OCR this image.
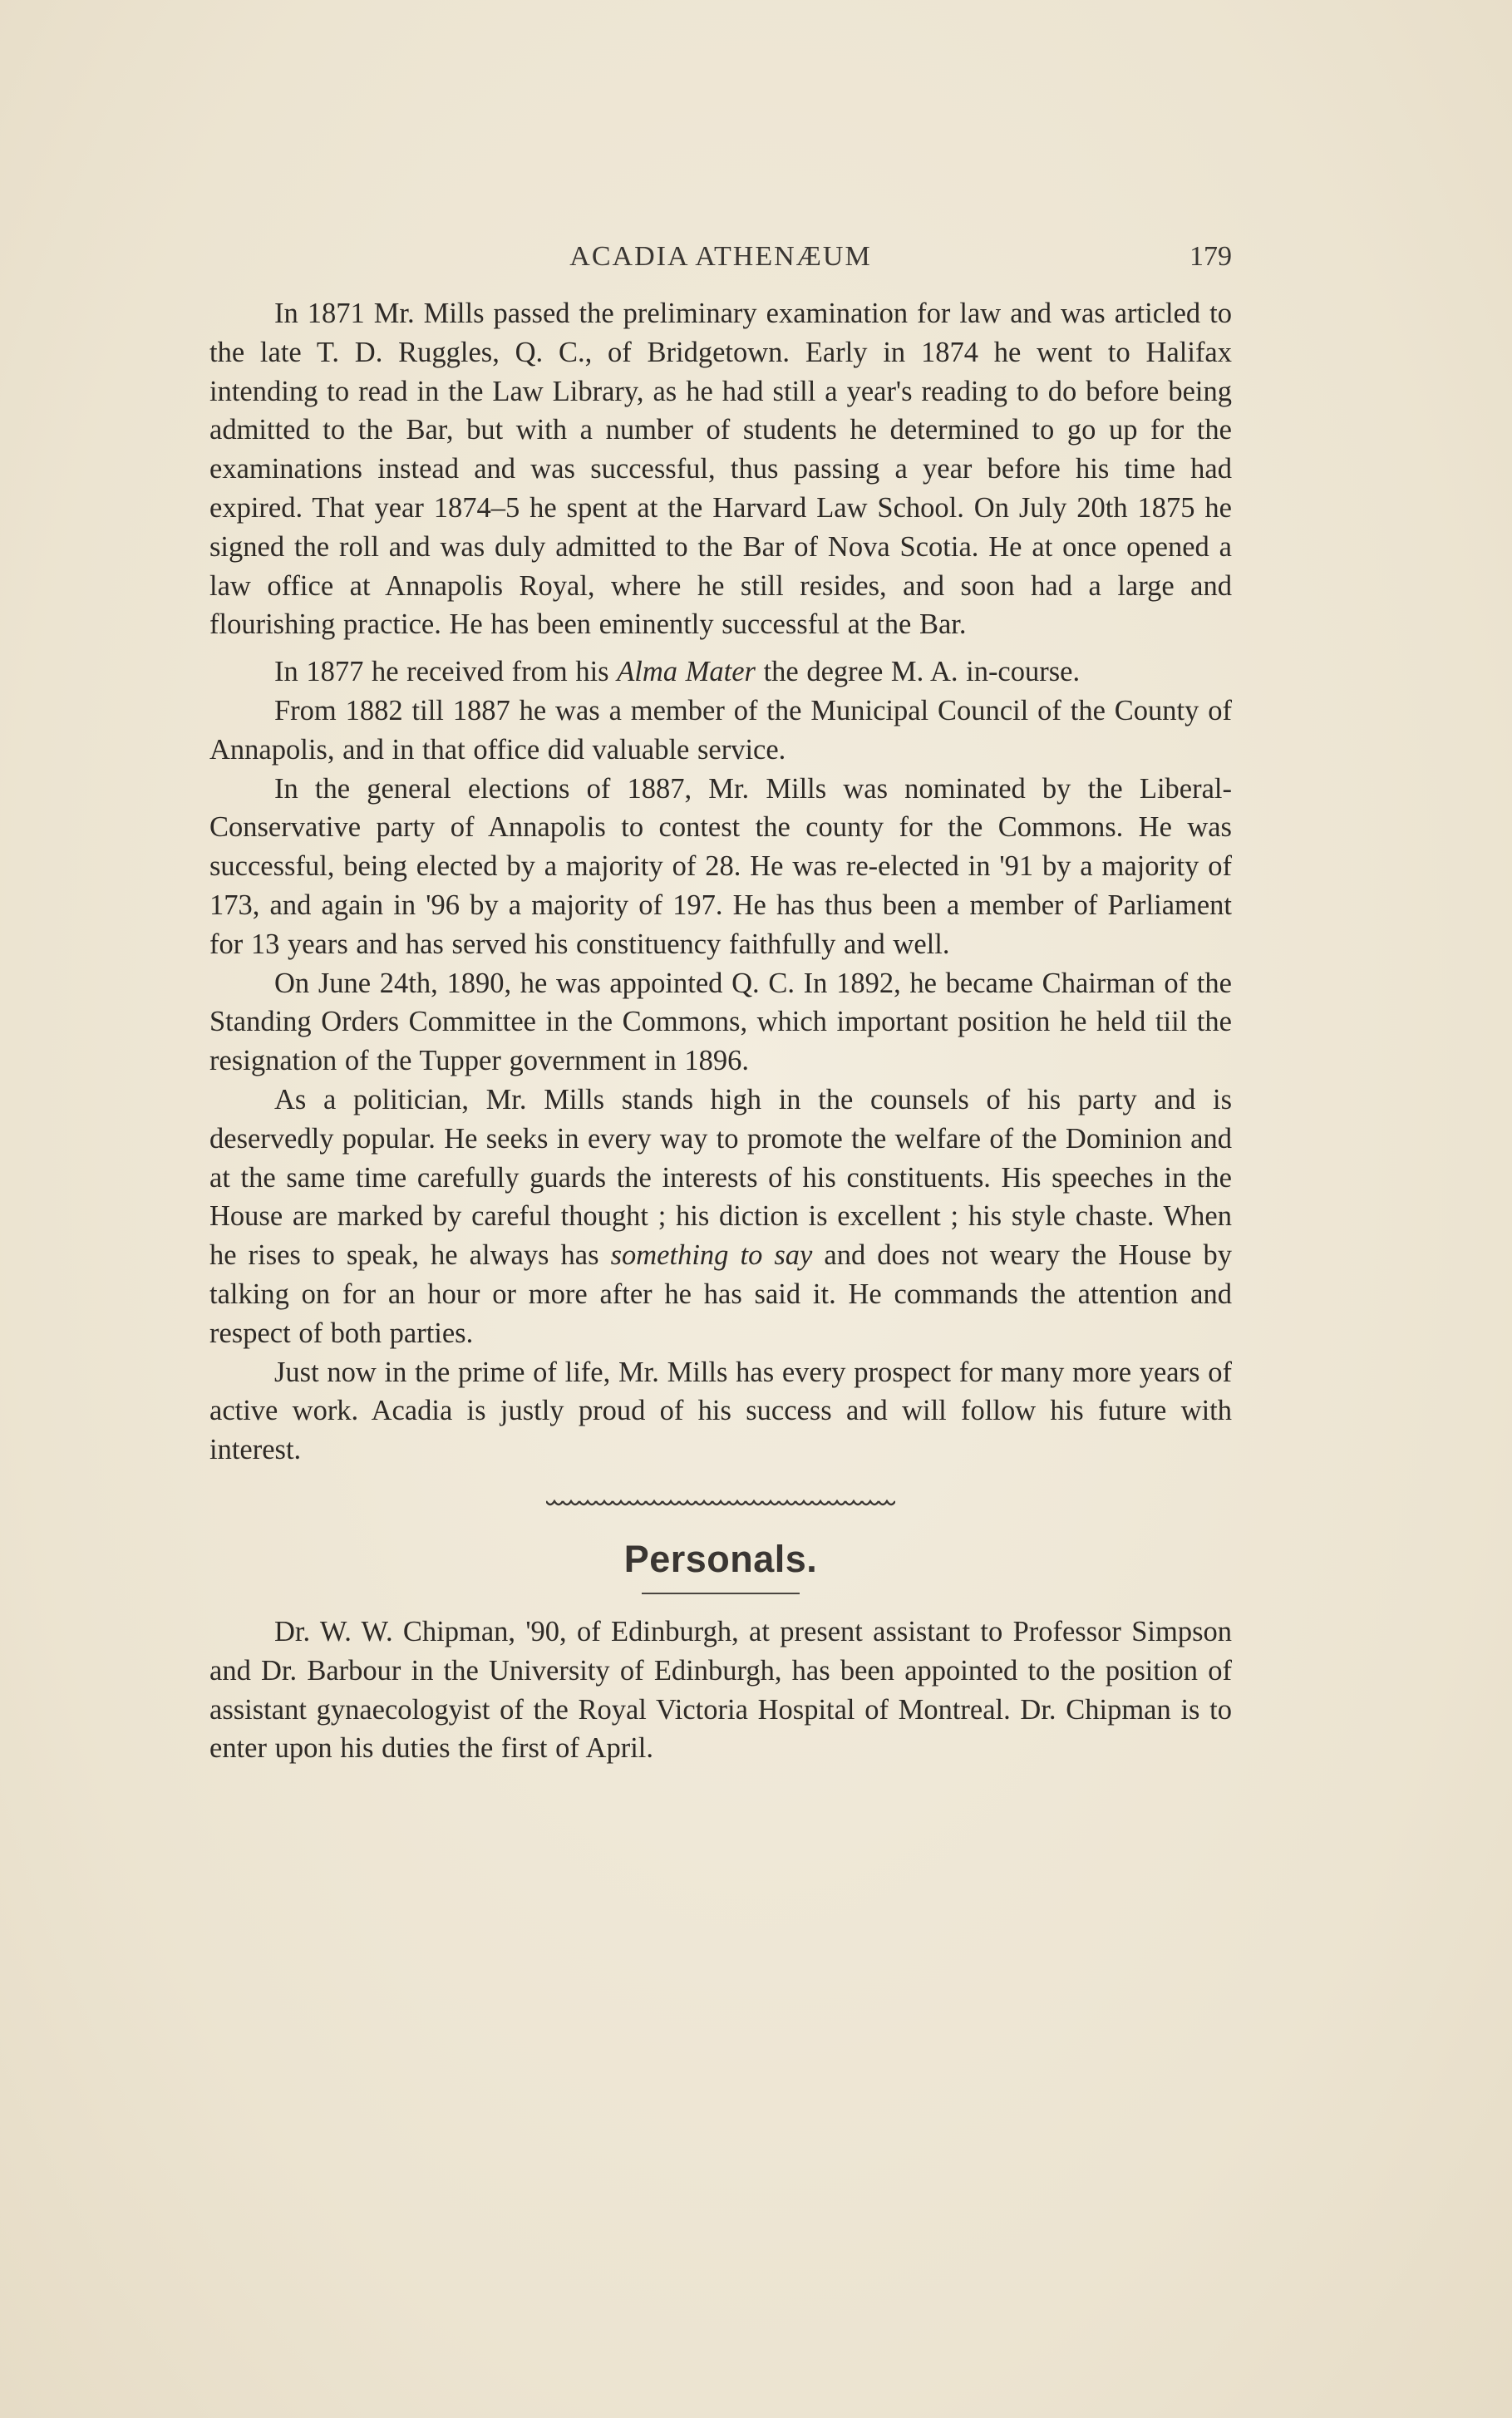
ACADIA ATHENÆUM	179

In 1871 Mr. Mills passed the preliminary examination for law and was articled to the late T. D. Ruggles, Q. C., of Bridgetown. Early in 1874 he went to Halifax intending to read in the Law Library, as he had still a year's reading to do before being admitted to the Bar, but with a number of students he determined to go up for the examinations instead and was successful, thus passing a year before his time had expired. That year 1874–5 he spent at the Harvard Law School. On July 20th 1875 he signed the roll and was duly admitted to the Bar of Nova Scotia. He at once opened a law office at Annapolis Royal, where he still resides, and soon had a large and flourishing practice. He has been eminently successful at the Bar.

In 1877 he received from his Alma Mater the degree M. A. in-course.

From 1882 till 1887 he was a member of the Municipal Council of the County of Annapolis, and in that office did valuable service.

In the general elections of 1887, Mr. Mills was nominated by the Liberal-Conservative party of Annapolis to contest the county for the Commons. He was successful, being elected by a majority of 28. He was re-elected in '91 by a majority of 173, and again in '96 by a majority of 197. He has thus been a member of Parliament for 13 years and has served his constituency faithfully and well.

On June 24th, 1890, he was appointed Q. C. In 1892, he became Chairman of the Standing Orders Committee in the Commons, which important position he held tiil the resignation of the Tupper government in 1896.

As a politician, Mr. Mills stands high in the counsels of his party and is deservedly popular. He seeks in every way to promote the welfare of the Dominion and at the same time carefully guards the interests of his constituents. His speeches in the House are marked by careful thought ; his diction is excellent ; his style chaste. When he rises to speak, he always has something to say and does not weary the House by talking on for an hour or more after he has said it. He commands the attention and respect of both parties.

Just now in the prime of life, Mr. Mills has every prospect for many more years of active work. Acadia is justly proud of his success and will follow his future with interest.

Personals.

Dr. W. W. Chipman, '90, of Edinburgh, at present assistant to Professor Simpson and Dr. Barbour in the University of Edinburgh, has been appointed to the position of assistant gynaecologyist of the Royal Victoria Hospital of Montreal. Dr. Chipman is to enter upon his duties the first of April.
